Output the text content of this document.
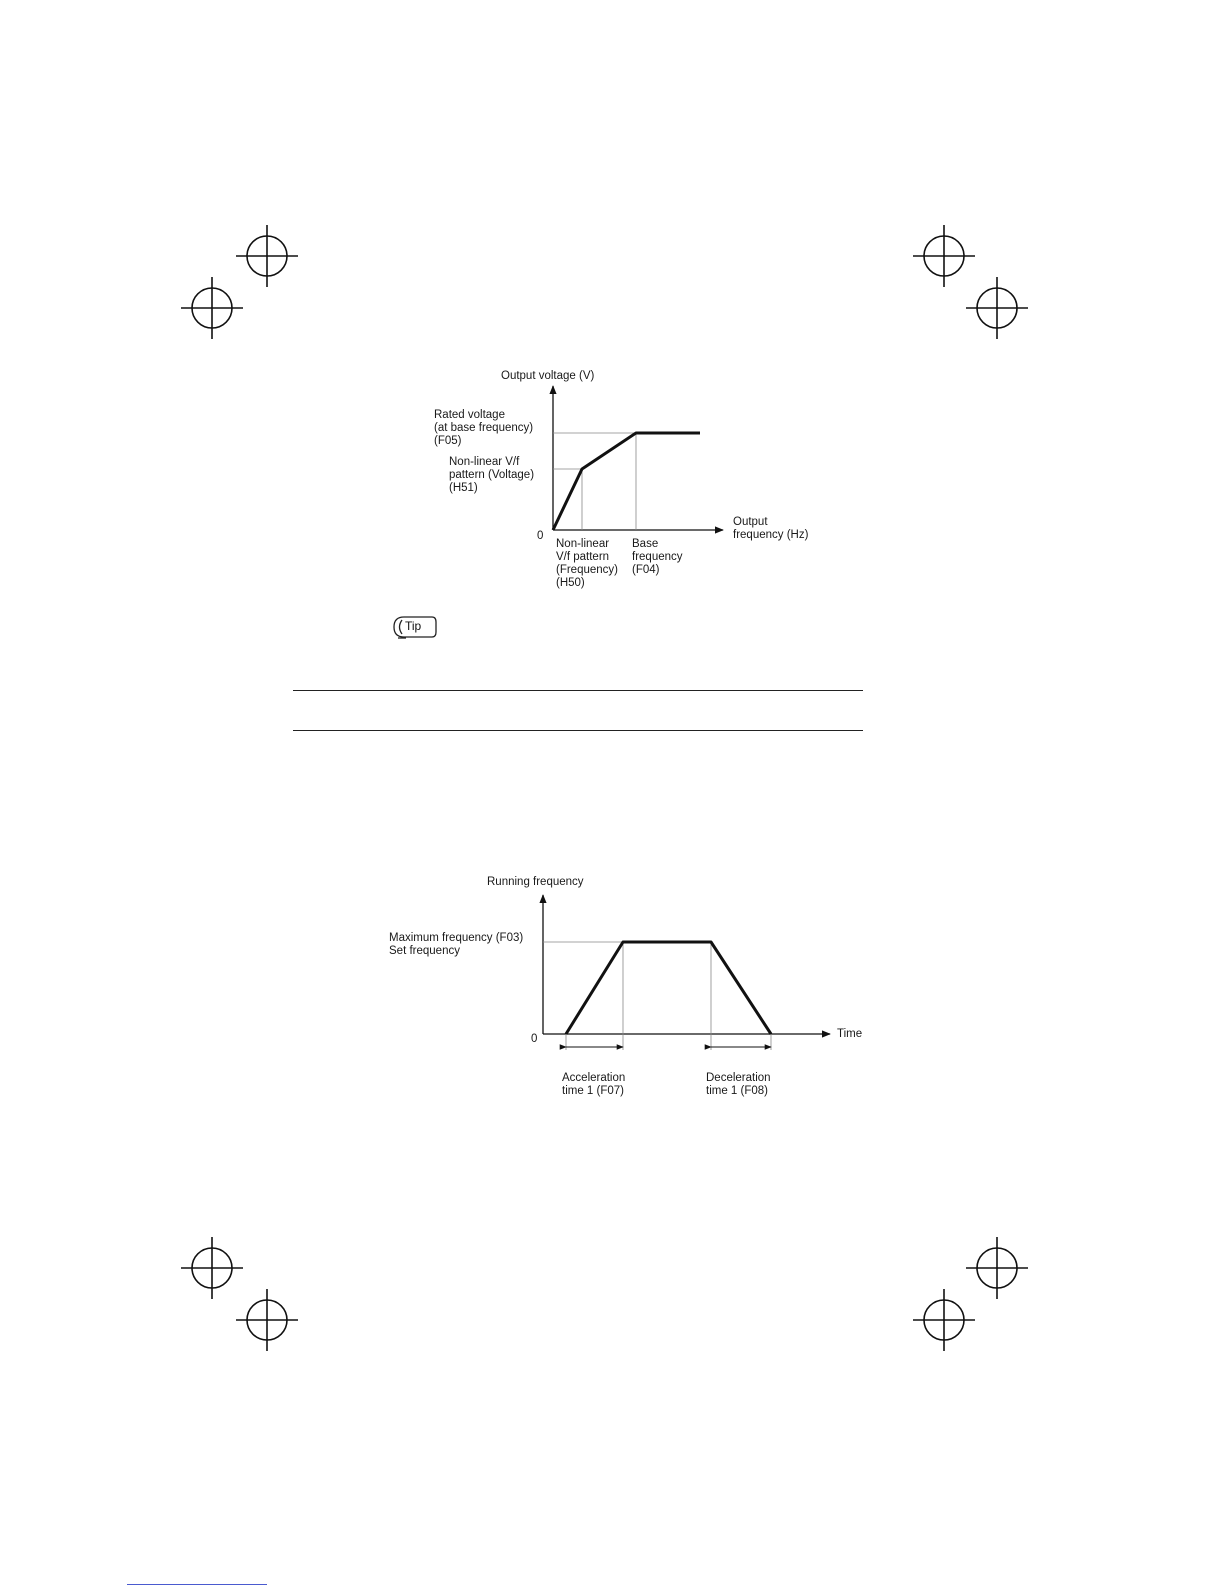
Output voltage (V)
Rated voltage
(at base frequency)
(F05)
Non-linear V/f
pattern (Voltage)
(H51)
0
Output
frequency (Hz)
Non-linear
V/f pattern
(Frequency)
(H50)
Base
frequency
(F04)
Tip
Running frequency
Maximum frequency (F03)
Set frequency
0	Time
Acceleration
time 1 (F07)
Deceleration
time 1 (F08)
